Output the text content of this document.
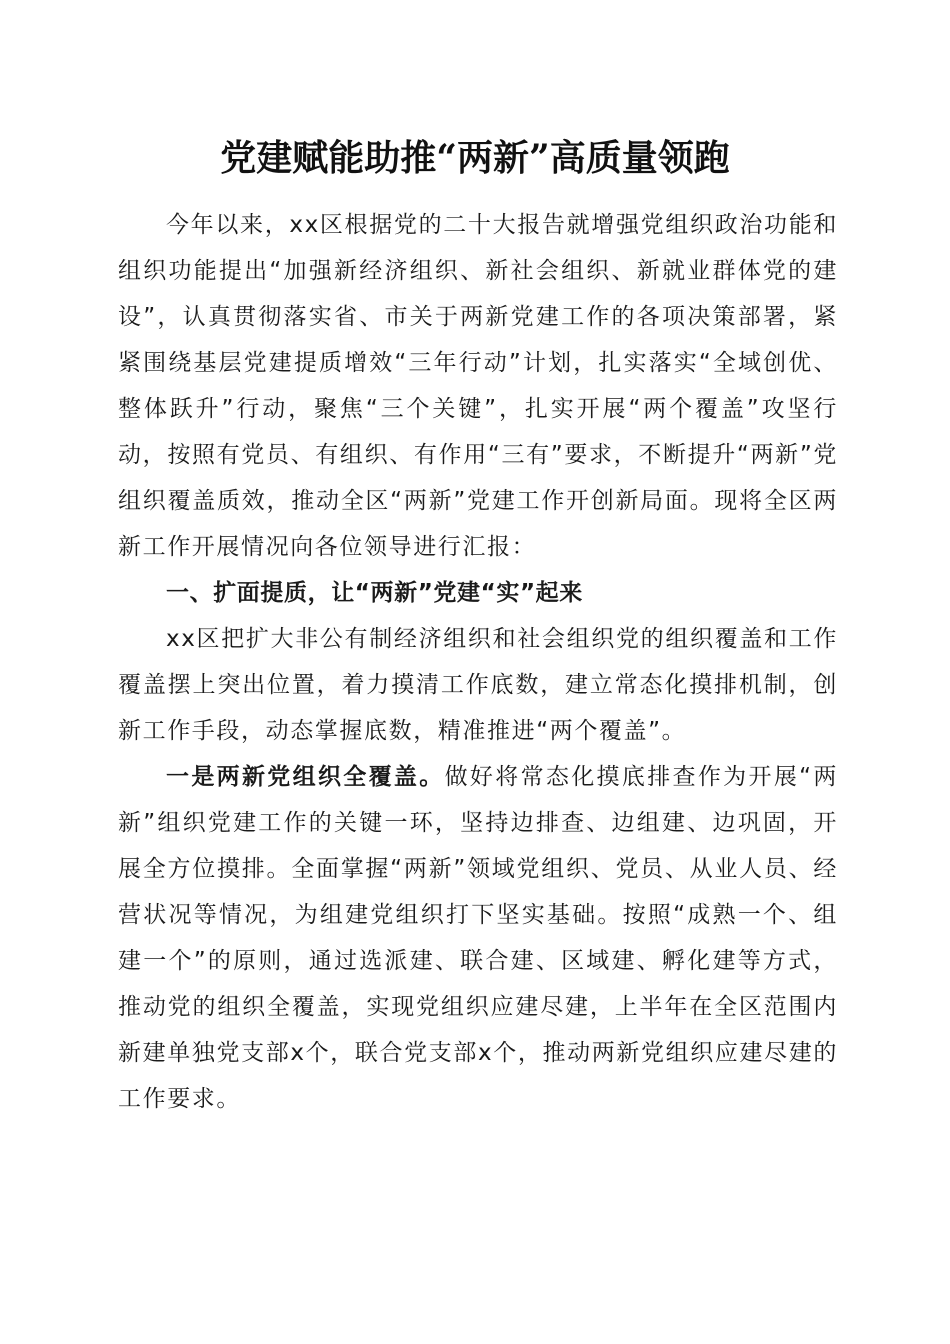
党建赋能助推“两新”高质量领跑

今年以来，xx区根据党的二十大报告就增强党组织政治功能和组织功能提出“加强新经济组织、新社会组织、新就业群体党的建设”，认真贯彻落实省、市关于两新党建工作的各项决策部署，紧紧围绕基层党建提质增效“三年行动”计划，扎实落实“全域创优、整体跃升”行动，聚焦“三个关键”，扎实开展“两个覆盖”攻坚行动，按照有党员、有组织、有作用“三有”要求，不断提升“两新”党组织覆盖质效，推动全区“两新”党建工作开创新局面。现将全区两新工作开展情况向各位领导进行汇报：

一、扩面提质，让“两新”党建“实”起来

xx区把扩大非公有制经济组织和社会组织党的组织覆盖和工作覆盖摆上突出位置，着力摸清工作底数，建立常态化摸排机制，创新工作手段，动态掌握底数，精准推进“两个覆盖”。

一是两新党组织全覆盖。做好将常态化摸底排查作为开展“两新”组织党建工作的关键一环，坚持边排查、边组建、边巩固，开展全方位摸排。全面掌握“两新”领域党组织、党员、从业人员、经营状况等情况，为组建党组织打下坚实基础。按照“成熟一个、组建一个”的原则，通过选派建、联合建、区域建、孵化建等方式，推动党的组织全覆盖，实现党组织应建尽建，上半年在全区范围内新建单独党支部x个，联合党支部x个，推动两新党组织应建尽建的工作要求。
